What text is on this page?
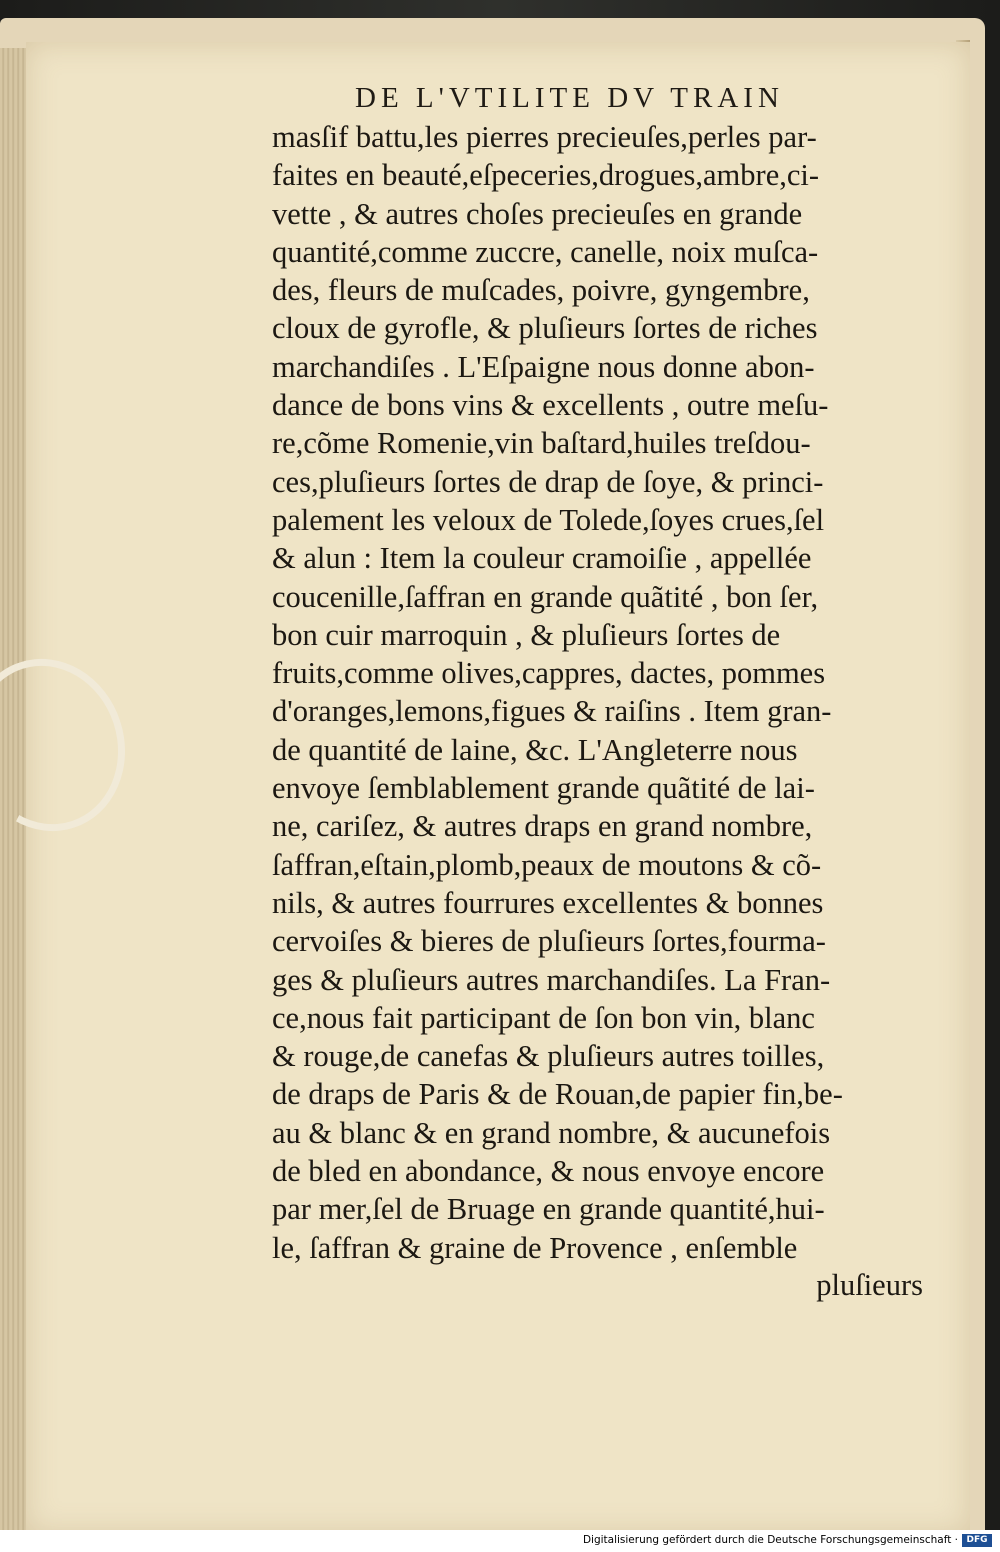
DE L'VTILITE DV TRAIN
masſif battu,les pierres precieuſes,perles par-
faites en beauté,eſpeceries,drogues,ambre,ci-
vette , & autres choſes precieuſes en grande
quantité,comme zuccre, canelle, noix muſca-
des, fleurs de muſcades, poivre, gyngembre,
cloux de gyrofle, & pluſieurs ſortes de riches
marchandiſes . L'Eſpaigne nous donne abon-
dance de bons vins & excellents , outre meſu-
re,cõme Romenie,vin baſtard,huiles treſdou-
ces,pluſieurs ſortes de drap de ſoye, & princi-
palement les veloux de Tolede,ſoyes crues,ſel
& alun : Item la couleur cramoiſie , appellée
coucenille,ſaffran en grande quãtité , bon ſer,
bon cuir marroquin , & pluſieurs ſortes de
fruits,comme olives,cappres, dactes, pommes
d'oranges,lemons,figues & raiſins . Item gran-
de quantité de laine, &c. L'Angleterre nous
envoye ſemblablement grande quãtité de lai-
ne, cariſez, & autres draps en grand nombre,
ſaffran,eſtain,plomb,peaux de moutons & cõ-
nils, & autres fourrures excellentes & bonnes
cervoiſes & bieres de pluſieurs ſortes,fourma-
ges & pluſieurs autres marchandiſes. La Fran-
ce,nous fait participant de ſon bon vin, blanc
& rouge,de canefas & pluſieurs autres toilles,
de draps de Paris & de Rouan,de papier fin,be-
au & blanc & en grand nombre, & aucunefois
de bled en abondance, & nous envoye encore
par mer,ſel de Bruage en grande quantité,hui-
le, ſaffran & graine de Provence , enſemble
pluſieurs
Digitalisierung gefördert durch die Deutsche Forschungsgemeinschaft · DFG
